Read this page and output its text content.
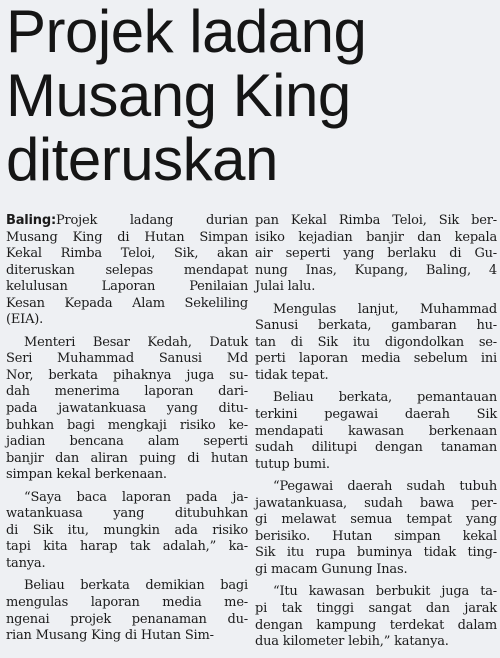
Projek ladang
Musang King
diteruskan
Baling:Projek ladang durian
Musang King di Hutan Simpan
Kekal Rimba Teloi, Sik, akan
diteruskan selepas mendapat
kelulusan Laporan Penilaian
Kesan Kepada Alam Sekeliling
(EIA).
Menteri Besar Kedah, Datuk
Seri Muhammad Sanusi Md
Nor, berkata pihaknya juga su-
dah menerima laporan dari-
pada jawatankuasa yang ditu-
buhkan bagi mengkaji risiko ke-
jadian bencana alam seperti
banjir dan aliran puing di hutan
simpan kekal berkenaan.
“Saya baca laporan pada ja-
watankuasa yang ditubuhkan
di Sik itu, mungkin ada risiko
tapi kita harap tak adalah,” ka-
tanya.
Beliau berkata demikian bagi
mengulas laporan media me-
ngenai projek penanaman du-
rian Musang King di Hutan Sim-
pan Kekal Rimba Teloi, Sik ber-
isiko kejadian banjir dan kepala
air seperti yang berlaku di Gu-
nung Inas, Kupang, Baling, 4
Julai lalu.
Mengulas lanjut, Muhammad
Sanusi berkata, gambaran hu-
tan di Sik itu digondolkan se-
perti laporan media sebelum ini
tidak tepat.
Beliau berkata, pemantauan
terkini pegawai daerah Sik
mendapati kawasan berkenaan
sudah dilitupi dengan tanaman
tutup bumi.
“Pegawai daerah sudah tubuh
jawatankuasa, sudah bawa per-
gi melawat semua tempat yang
berisiko. Hutan simpan kekal
Sik itu rupa buminya tidak ting-
gi macam Gunung Inas.
“Itu kawasan berbukit juga ta-
pi tak tinggi sangat dan jarak
dengan kampung terdekat dalam
dua kilometer lebih,” katanya.
